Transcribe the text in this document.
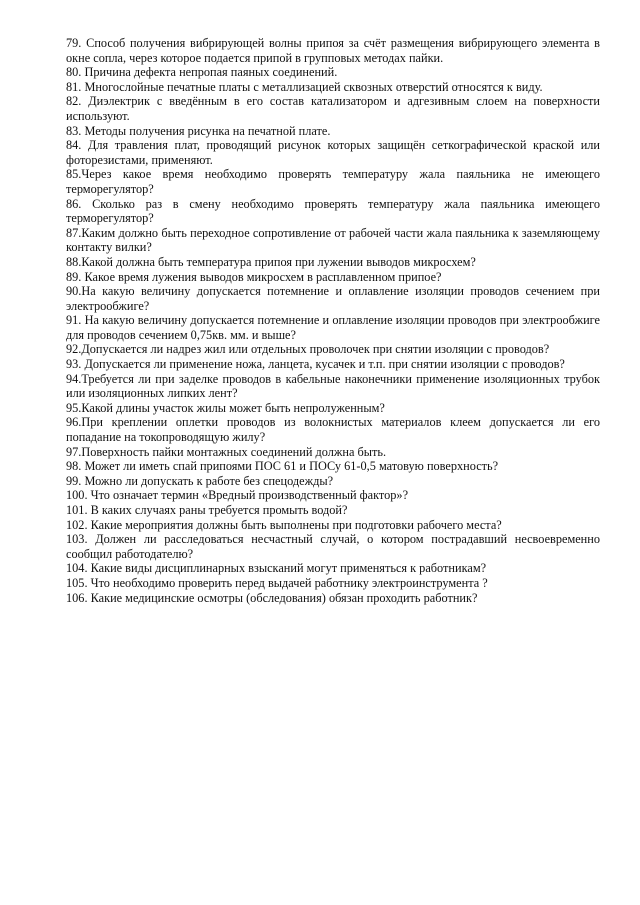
79. Способ получения вибрирующей волны припоя за счёт размещения вибрирующего элемента в окне сопла, через которое подается припой в групповых методах пайки.

80. Причина дефекта непропая паяных соединений.

81. Многослойные печатные платы с металлизацией сквозных отверстий относятся к виду.

82. Диэлектрик с введённым в его состав катализатором и адгезивным слоем на поверхности используют.

83. Методы получения рисунка на печатной плате.

84. Для травления плат, проводящий рисунок которых защищён сеткографической краской или фоторезистами, применяют.

85.Через какое время необходимо проверять температуру жала паяльника не имеющего терморегулятор?

86. Сколько раз в смену необходимо проверять температуру жала паяльника имеющего терморегулятор?

87.Каким должно быть переходное сопротивление от рабочей части жала паяльника к заземляющему контакту вилки?

88.Какой должна быть температура припоя при лужении выводов микросхем?

89. Какое время лужения выводов микросхем в расплавленном припое?

90.На какую величину допускается потемнение и оплавление изоляции проводов сечением при электрообжиге?

91. На какую величину допускается потемнение и оплавление изоляции проводов при электрообжиге для проводов сечением 0,75кв. мм. и выше?

92.Допускается ли надрез жил или отдельных проволочек при снятии изоляции с проводов?

93. Допускается ли применение ножа, ланцета, кусачек и т.п. при снятии изоляции с проводов?

94.Требуется ли при заделке проводов в кабельные наконечники применение изоляционных трубок или изоляционных липких лент?

95.Какой длины участок жилы может быть непролуженным?

96.При креплении оплетки проводов из волокнистых материалов клеем допускается ли его попадание на токопроводящую жилу?

97.Поверхность пайки монтажных соединений должна быть.

98. Может ли иметь спай припоями ПОС 61 и ПОСу 61-0,5 матовую поверхность?

99. Можно ли допускать к работе без спецодежды?

100. Что означает термин «Вредный производственный фактор»?

101. В каких случаях раны требуется промыть водой?

102. Какие мероприятия должны быть выполнены при подготовки рабочего места?

103. Должен ли расследоваться несчастный случай, о котором пострадавший несвоевременно сообщил работодателю?

104. Какие виды дисциплинарных взысканий могут применяться к работникам?

105. Что необходимо проверить перед выдачей работнику электроинструмента ?

106. Какие медицинские осмотры (обследования) обязан проходить работник?
